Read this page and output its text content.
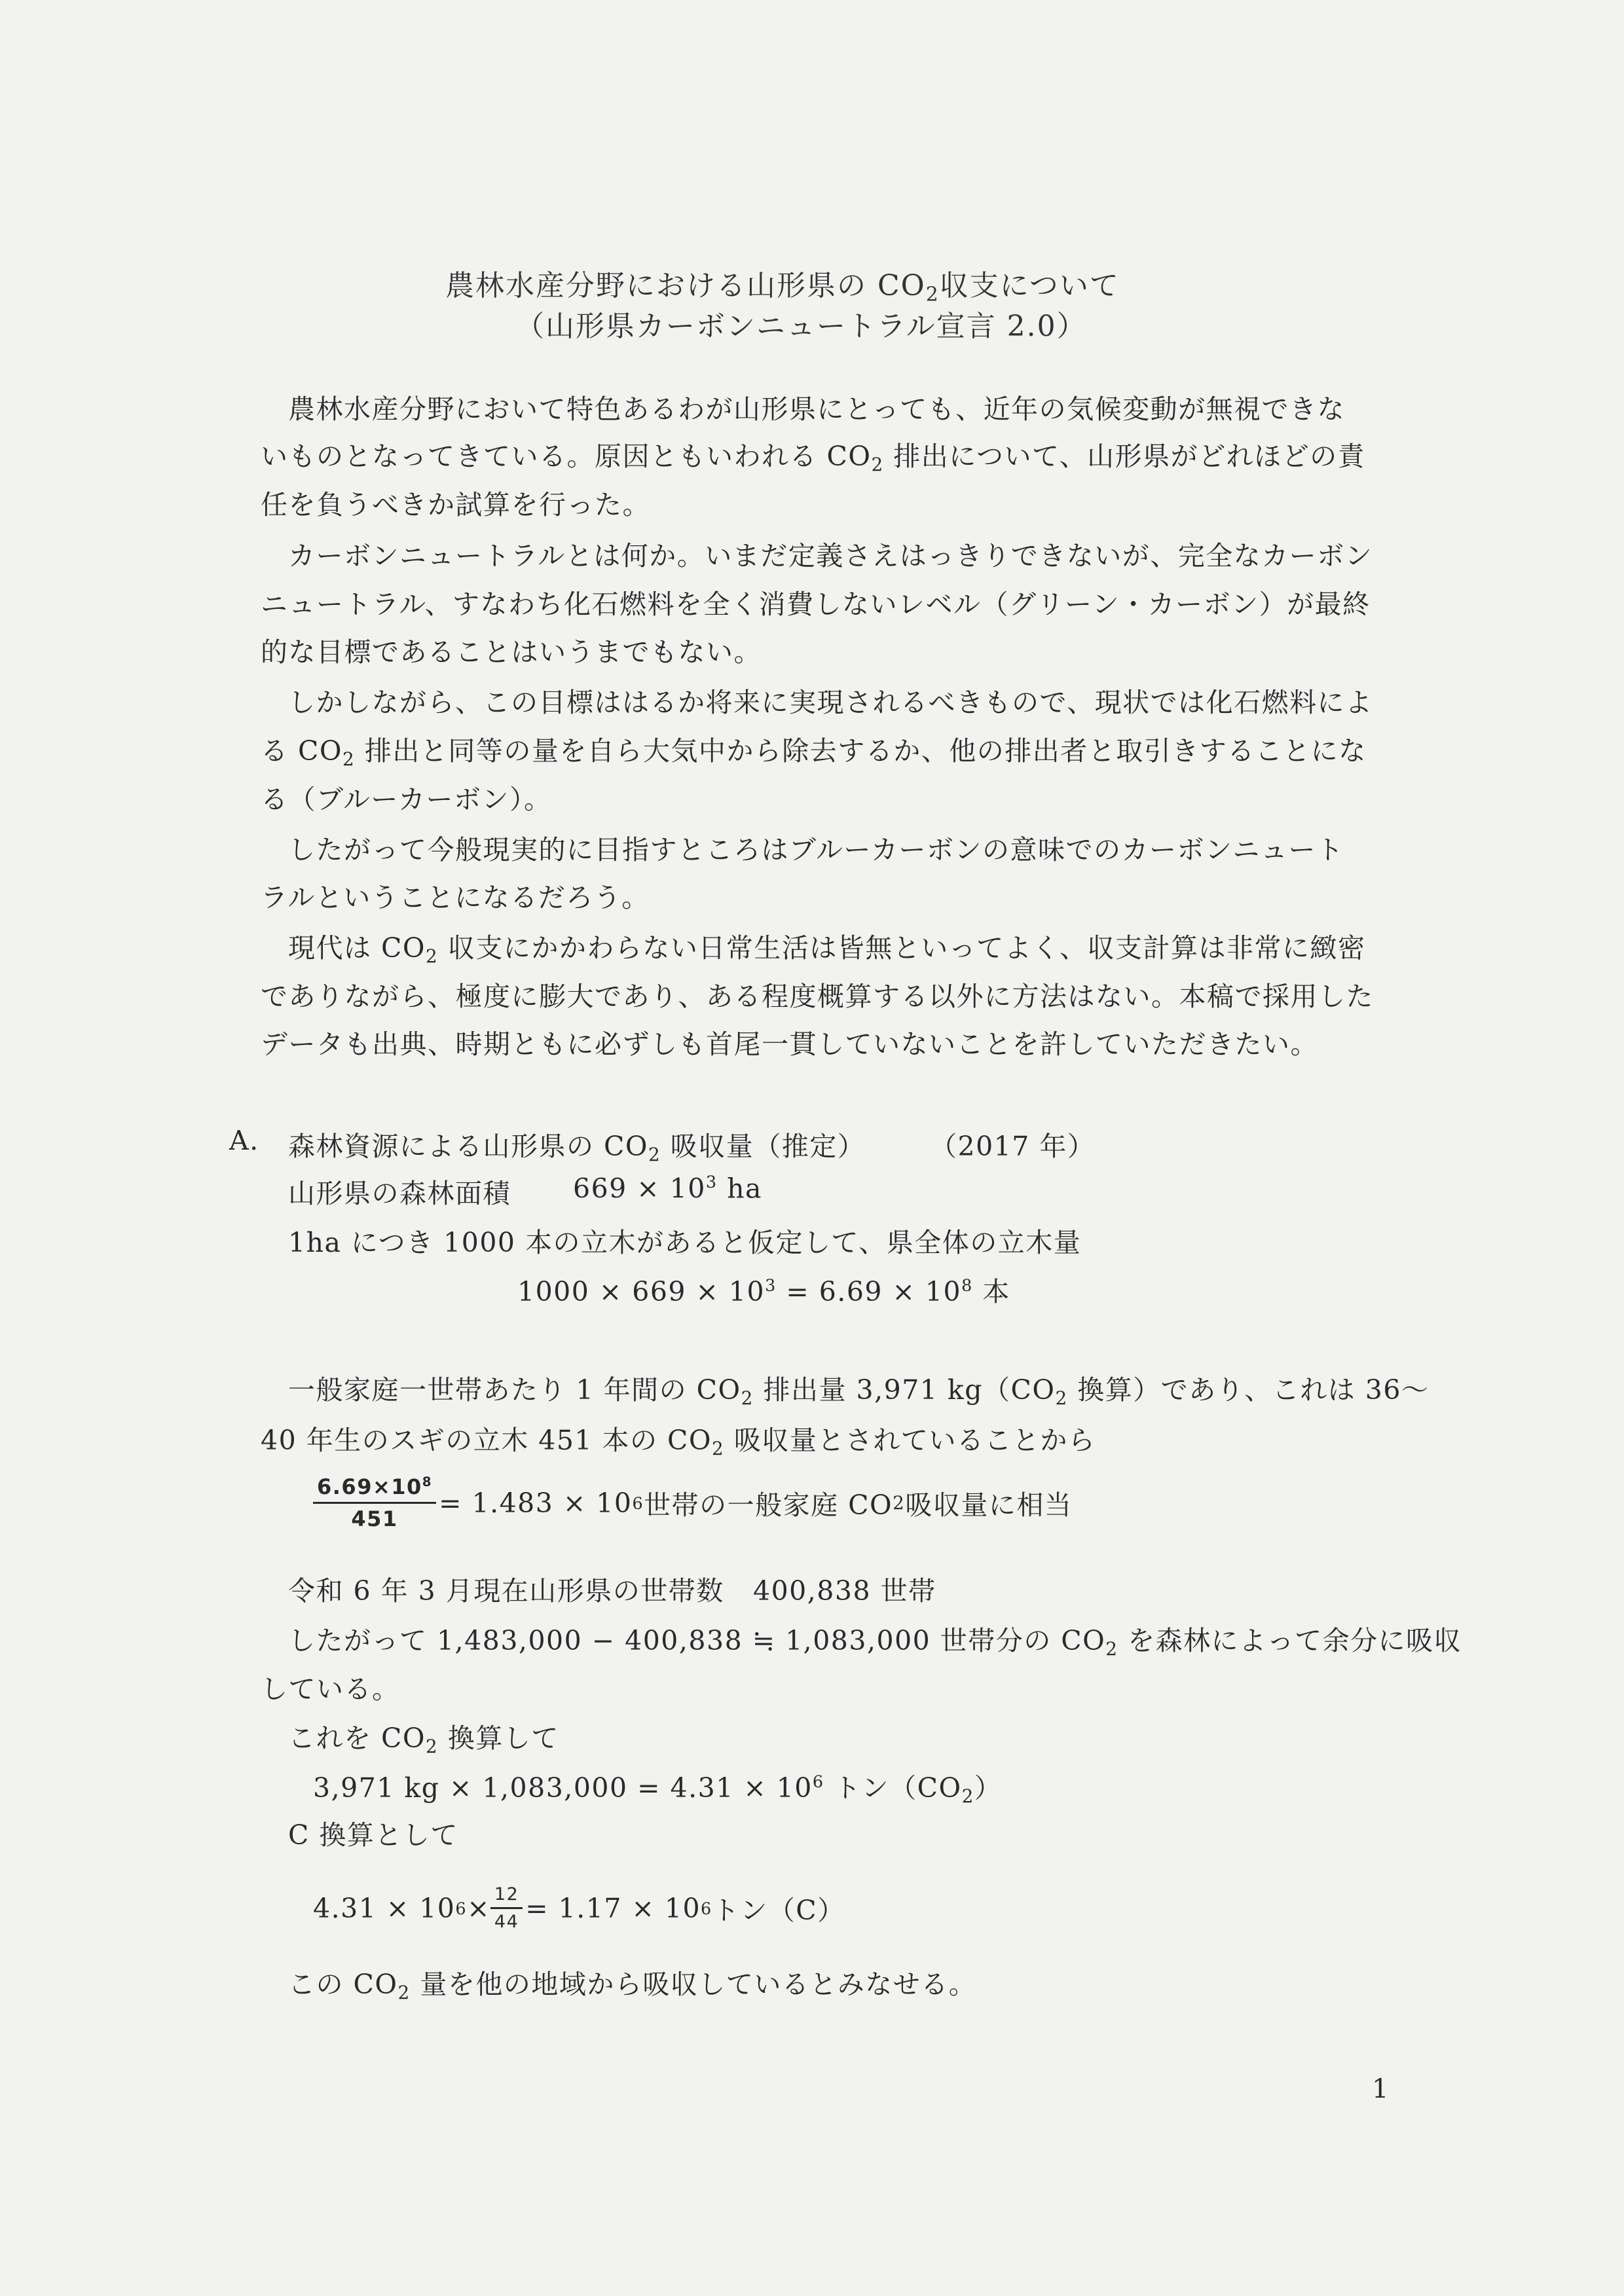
農林水産分野における山形県の $CO_2$収支について
（山形県カーボンニュートラル宣言 2.0）
農林水産分野において特色あるわが山形県にとっても、近年の気候変動が無視できな
いものとなってきている。原因ともいわれる $CO_2$ 排出について、山形県がどれほどの責
任を負うべきか試算を行った。
カーボンニュートラルとは何か。いまだ定義さえはっきりできないが、完全なカーボン
ニュートラル、すなわち化石燃料を全く消費しないレベル（グリーン・カーボン）が最終
的な目標であることはいうまでもない。
しかしながら、この目標ははるか将来に実現されるべきもので、現状では化石燃料によ
る $CO_2$ 排出と同等の量を自ら大気中から除去するか、他の排出者と取引きすることにな
る（ブルーカーボン）。
したがって今般現実的に目指すところはブルーカーボンの意味でのカーボンニュート
ラルということになるだろう。
現代は $CO_2$ 収支にかかわらない日常生活は皆無といってよく、収支計算は非常に緻密
でありながら、極度に膨大であり、ある程度概算する以外に方法はない。本稿で採用した
データも出典、時期ともに必ずしも首尾一貫していないことを許していただきたい。
A. 森林資源による山形県の $CO_2$ 吸収量（推定） （2017 年）
山形県の森林面積 $669 \times 10^3$ ha
1ha につき 1000 本の立木があると仮定して、県全体の立木量
$1000 \times 669 \times 10^3 = 6.69 \times 10^8$ 本
一般家庭一世帯あたり 1 年間の $CO_2$ 排出量 3,971 $kg(CO_2$ 換算）であり、これは 36〜
40 年生のスギの立木 451 本の $CO_2$ 吸収量とされていることから
$\frac{6.69\times 10^8}{451} = 1.483 \times 10$ 6 世帯の一般家庭 CO 2 吸収量に相当
令和 6 年 3 月現在山形県の世帯数 400,838 世帯
したがって 1,483,000 − 400,838 ≒ 1,083,000 世帯分の $CO_2$ を森林によって余分に吸収
している。
これを $CO_2$ 換算して
3,971 kg × $1,083,000 = 4.31 \times 10^6$ トン$(CO_2)$
C 換算として
4.31 × 10 $6 \times \frac{12}{44} = 1.17 \times 10$ 6 トン（C）
この $CO_2$ 量を他の地域から吸収しているとみなせる。
1
